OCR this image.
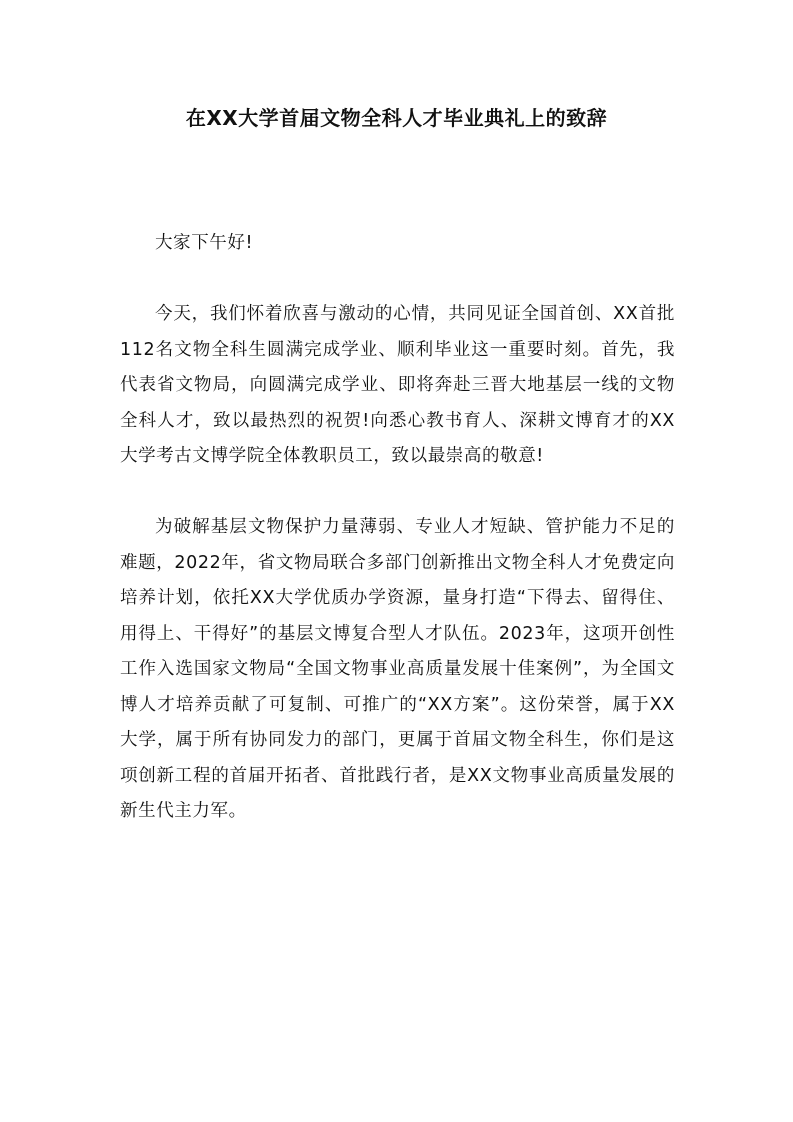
在XX大学首届文物全科人才毕业典礼上的致辞

大家下午好!

今天，我们怀着欣喜与激动的心情，共同见证全国首创、XX首批112名文物全科生圆满完成学业、顺利毕业这一重要时刻。首先，我代表省文物局，向圆满完成学业、即将奔赴三晋大地基层一线的文物全科人才，致以最热烈的祝贺!向悉心教书育人、深耕文博育才的XX大学考古文博学院全体教职员工，致以最崇高的敬意!

为破解基层文物保护力量薄弱、专业人才短缺、管护能力不足的难题，2022年，省文物局联合多部门创新推出文物全科人才免费定向培养计划，依托XX大学优质办学资源，量身打造“下得去、留得住、用得上、干得好”的基层文博复合型人才队伍。2023年，这项开创性工作入选国家文物局“全国文物事业高质量发展十佳案例”，为全国文博人才培养贡献了可复制、可推广的“XX方案”。这份荣誉，属于XX大学，属于所有协同发力的部门，更属于首届文物全科生，你们是这项创新工程的首届开拓者、首批践行者，是XX文物事业高质量发展的新生代主力军。
